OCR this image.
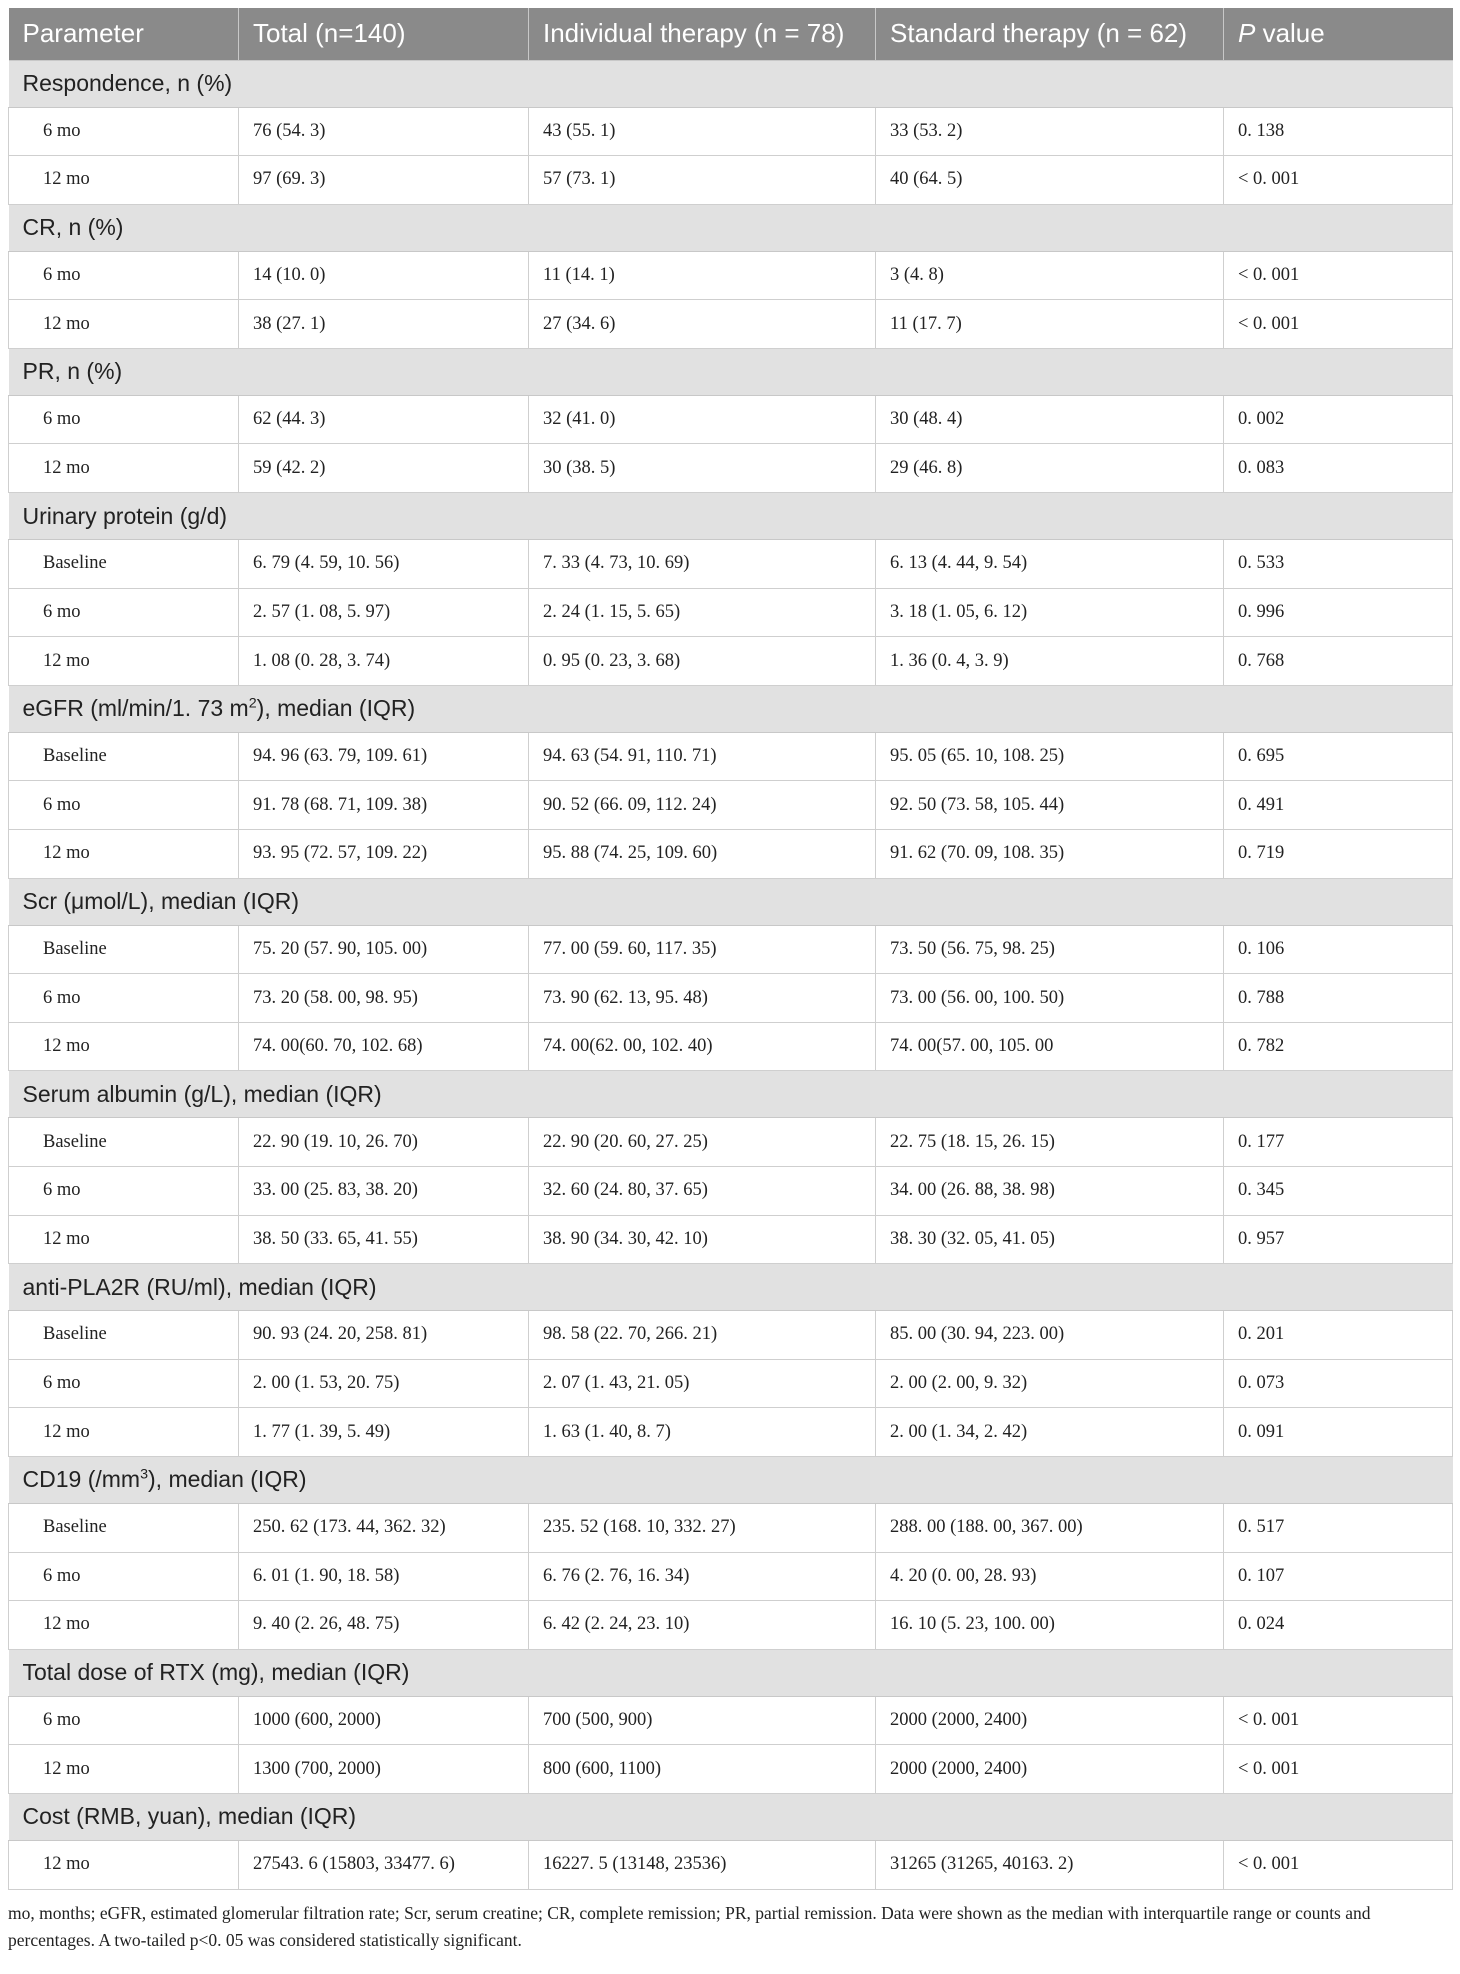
Parameter	Total (n=140)	Individual therapy (n = 78)	Standard therapy (n = 62)	P value
Respondence, n (%)				
6 mo	76 (54. 3)	43 (55. 1)	33 (53. 2)	0. 138
12 mo	97 (69. 3)	57 (73. 1)	40 (64. 5)	< 0. 001
CR, n (%)				
6 mo	14 (10. 0)	11 (14. 1)	3 (4. 8)	< 0. 001
12 mo	38 (27. 1)	27 (34. 6)	11 (17. 7)	< 0. 001
PR, n (%)				
6 mo	62 (44. 3)	32 (41. 0)	30 (48. 4)	0. 002
12 mo	59 (42. 2)	30 (38. 5)	29 (46. 8)	0. 083
Urinary protein (g/d)				
Baseline	6. 79 (4. 59, 10. 56)	7. 33 (4. 73, 10. 69)	6. 13 (4. 44, 9. 54)	0. 533
6 mo	2. 57 (1. 08, 5. 97)	2. 24 (1. 15, 5. 65)	3. 18 (1. 05, 6. 12)	0. 996
12 mo	1. 08 (0. 28, 3. 74)	0. 95 (0. 23, 3. 68)	1. 36 (0. 4, 3. 9)	0. 768
eGFR (ml/min/1. 73 $m^2$), median (IQR)				
Baseline	94. 96 (63. 79, 109. 61)	94. 63 (54. 91, 110. 71)	95. 05 (65. 10, 108. 25)	0. 695
6 mo	91. 78 (68. 71, 109. 38)	90. 52 (66. 09, 112. 24)	92. 50 (73. 58, 105. 44)	0. 491
12 mo	93. 95 (72. 57, 109. 22)	95. 88 (74. 25, 109. 60)	91. 62 (70. 09, 108. 35)	0. 719
Scr (μmol/L), median (IQR)				
Baseline	75. 20 (57. 90, 105. 00)	77. 00 (59. 60, 117. 35)	73. 50 (56. 75, 98. 25)	0. 106
6 mo	73. 20 (58. 00, 98. 95)	73. 90 (62. 13, 95. 48)	73. 00 (56. 00, 100. 50)	0. 788
12 mo	74. 00(60. 70, 102. 68)	74. 00(62. 00, 102. 40)	74. 00(57. 00, 105. 00	0. 782
Serum albumin (g/L), median (IQR)				
Baseline	22. 90 (19. 10, 26. 70)	22. 90 (20. 60, 27. 25)	22. 75 (18. 15, 26. 15)	0. 177
6 mo	33. 00 (25. 83, 38. 20)	32. 60 (24. 80, 37. 65)	34. 00 (26. 88, 38. 98)	0. 345
12 mo	38. 50 (33. 65, 41. 55)	38. 90 (34. 30, 42. 10)	38. 30 (32. 05, 41. 05)	0. 957
anti-PLA2R (RU/ml), median (IQR)				
Baseline	90. 93 (24. 20, 258. 81)	98. 58 (22. 70, 266. 21)	85. 00 (30. 94, 223. 00)	0. 201
6 mo	2. 00 (1. 53, 20. 75)	2. 07 (1. 43, 21. 05)	2. 00 (2. 00, 9. 32)	0. 073
12 mo	1. 77 (1. 39, 5. 49)	1. 63 (1. 40, 8. 7)	2. 00 (1. 34, 2. 42)	0. 091
CD19 $(/mm^3)$, median (IQR)				
Baseline	250. 62 (173. 44, 362. 32)	235. 52 (168. 10, 332. 27)	288. 00 (188. 00, 367. 00)	0. 517
6 mo	6. 01 (1. 90, 18. 58)	6. 76 (2. 76, 16. 34)	4. 20 (0. 00, 28. 93)	0. 107
12 mo	9. 40 (2. 26, 48. 75)	6. 42 (2. 24, 23. 10)	16. 10 (5. 23, 100. 00)	0. 024
Total dose of RTX (mg), median (IQR)				
6 mo	1000 (600, 2000)	700 (500, 900)	2000 (2000, 2400)	< 0. 001
12 mo	1300 (700, 2000)	800 (600, 1100)	2000 (2000, 2400)	< 0. 001
Cost (RMB, yuan), median (IQR)				
12 mo	27543. 6 (15803, 33477. 6)	16227. 5 (13148, 23536)	31265 (31265, 40163. 2)	< 0. 001
mo, months; eGFR, estimated glomerular filtration rate; Scr, serum creatine; CR, complete remission; PR, partial remission. Data were shown as the median with interquartile range or counts and percentages. A two-tailed p<0. 05 was considered statistically significant.
